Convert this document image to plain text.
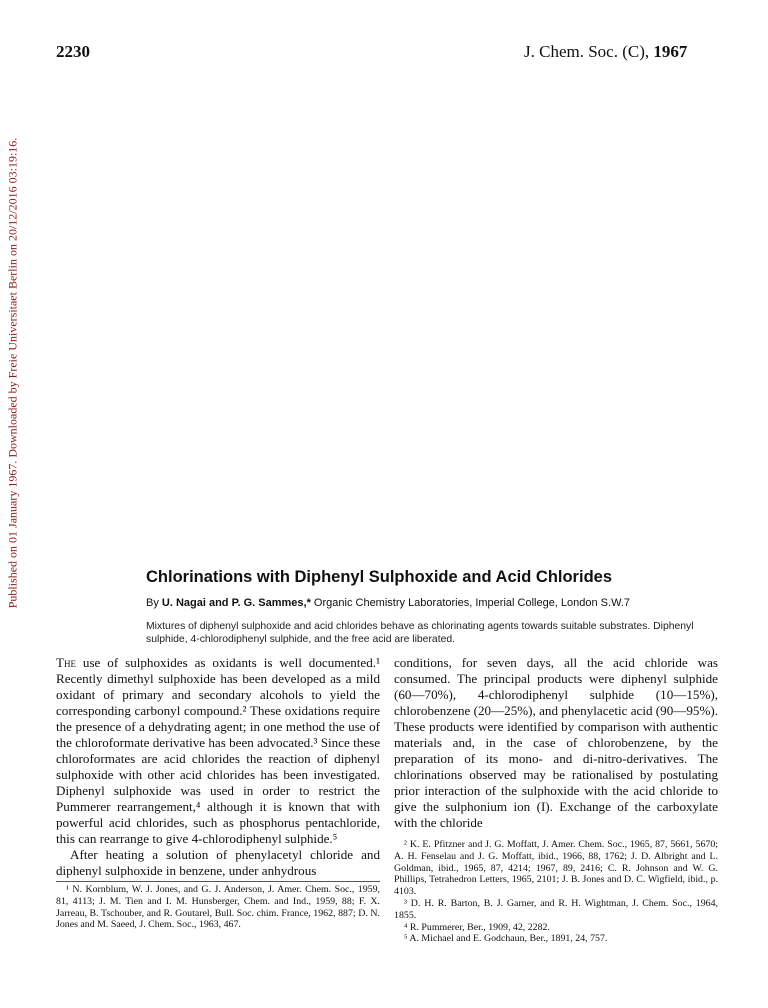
2230	J. Chem. Soc. (C), 1967
Published on 01 January 1967. Downloaded by Freie Universitaet Berlin on 20/12/2016 03:19:16.	Chlorinations with Diphenyl Sulphoxide and Acid Chlorides
By U. Nagai and P. G. Sammes,* Organic Chemistry Laboratories, Imperial College, London S.W.7
Mixtures of diphenyl sulphoxide and acid chlorides behave as chlorinating agents towards suitable substrates. Diphenyl sulphide, 4-chlorodiphenyl sulphide, and the free acid are liberated.

The use of sulphoxides as oxidants is well documented.¹ Recently dimethyl sulphoxide has been developed as a mild oxidant of primary and secondary alcohols to yield the corresponding carbonyl compound.² These oxidations require the presence of a dehydrating agent; in one method the use of the chloroformate derivative has been advocated.³ Since these chloroformates are acid chlorides the reaction of diphenyl sulphoxide with other acid chlorides has been investigated. Diphenyl sulphoxide was used in order to restrict the Pummerer rearrangement,⁴ although it is known that with powerful acid chlorides, such as phosphorus pentachloride, this can rearrange to give 4-chlorodiphenyl sulphide.⁵

After heating a solution of phenylacetyl chloride and diphenyl sulphoxide in benzene, under anhydrous

¹ N. Kornblum, W. J. Jones, and G. J. Anderson, J. Amer. Chem. Soc., 1959, 81, 4113; J. M. Tien and I. M. Hunsberger, Chem. and Ind., 1959, 88; F. X. Jarreau, B. Tschouber, and R. Goutarel, Bull. Soc. chim. France, 1962, 887; D. N. Jones and M. Saeed, J. Chem. Soc., 1963, 467.

conditions, for seven days, all the acid chloride was consumed. The principal products were diphenyl sulphide (60—70%), 4-chlorodiphenyl sulphide (10—15%), chlorobenzene (20—25%), and phenylacetic acid (90—95%). These products were identified by comparison with authentic materials and, in the case of chlorobenzene, by the preparation of its mono- and di-nitro-derivatives. The chlorinations observed may be rationalised by postulating prior interaction of the sulphoxide with the acid chloride to give the sulphonium ion (I). Exchange of the carboxylate with the chloride

² K. E. Pfitzner and J. G. Moffatt, J. Amer. Chem. Soc., 1965, 87, 5661, 5670; A. H. Fenselau and J. G. Moffatt, ibid., 1966, 88, 1762; J. D. Albright and L. Goldman, ibid., 1965, 87, 4214; 1967, 89, 2416; C. R. Johnson and W. G. Phillips, Tetrahedron Letters, 1965, 2101; J. B. Jones and D. C. Wigfield, ibid., p. 4103.

³ D. H. R. Barton, B. J. Garner, and R. H. Wightman, J. Chem. Soc., 1964, 1855.

⁴ R. Pummerer, Ber., 1909, 42, 2282.

⁵ A. Michael and E. Godchaun, Ber., 1891, 24, 757.
